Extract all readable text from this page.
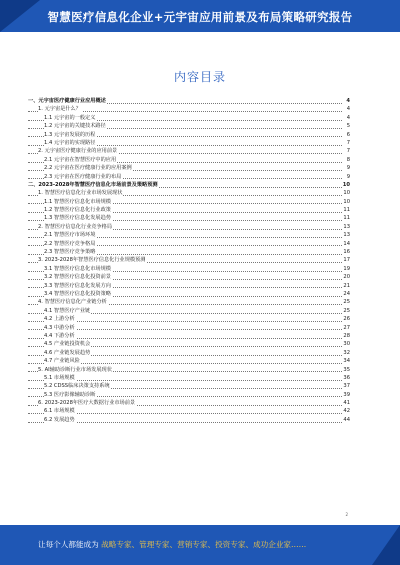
智慧医疗信息化企业+元宇宙应用前景及布局策略研究报告
内容目录
一、元宇宙医疗健康行业应用概述	4
1. 元宇宙是什么？	4
1.1 元宇宙的一般定义	4
1.2 元宇宙的关键技术路径	5
1.3 元宇宙发展的历程	6
1.4 元宇宙的实现路径	7
2. 元宇宙医疗健康行业的应用前景	7
2.1 元宇宙在智慧医疗中的应用	8
2.2 元宇宙在医疗健康行业的应用案例	9
2.3 元宇宙在医疗健康行业的布局	9
二、2023-2028年智慧医疗信息化市场前景及策略预测	10
1. 智慧医疗信息化行业市场发展现状	10
1.1 智慧医疗信息化市场规模	10
1.2 智慧医疗信息化行业政策	11
1.3 智慧医疗信息化发展趋势	11
2. 智慧医疗信息化行业竞争格局	13
2.1 智慧医疗市场环境	13
2.2 智慧医疗竞争格局	14
2.3 智慧医疗竞争策略	16
3. 2023-2028年智慧医疗信息化行业规模预测	17
3.1 智慧医疗信息化市场规模	19
3.2 智慧医疗信息化投资前景	20
3.3 智慧医疗信息化发展方向	21
3.4 智慧医疗信息化投资策略	24
4. 智慧医疗信息化产业链分析	25
4.1 智慧医疗产业链	25
4.2 上游分析	26
4.3 中游分析	27
4.4 下游分析	28
4.5 产业链投资机会	30
4.6 产业链发展趋势	32
4.7 产业链风险	34
5. AI辅助诊断行业市场发展现状	35
5.1 市场规模	36
5.2 CDSS临床决策支持系统	37
5.3 医疗影像辅助诊断	39
6. 2023-2028年医疗大数据行业市场前景	41
6.1 市场规模	42
6.2 发展趋势	44
2
让每个人都能成为 战略专家、管理专家、营销专家、投资专家、成功企业家……
